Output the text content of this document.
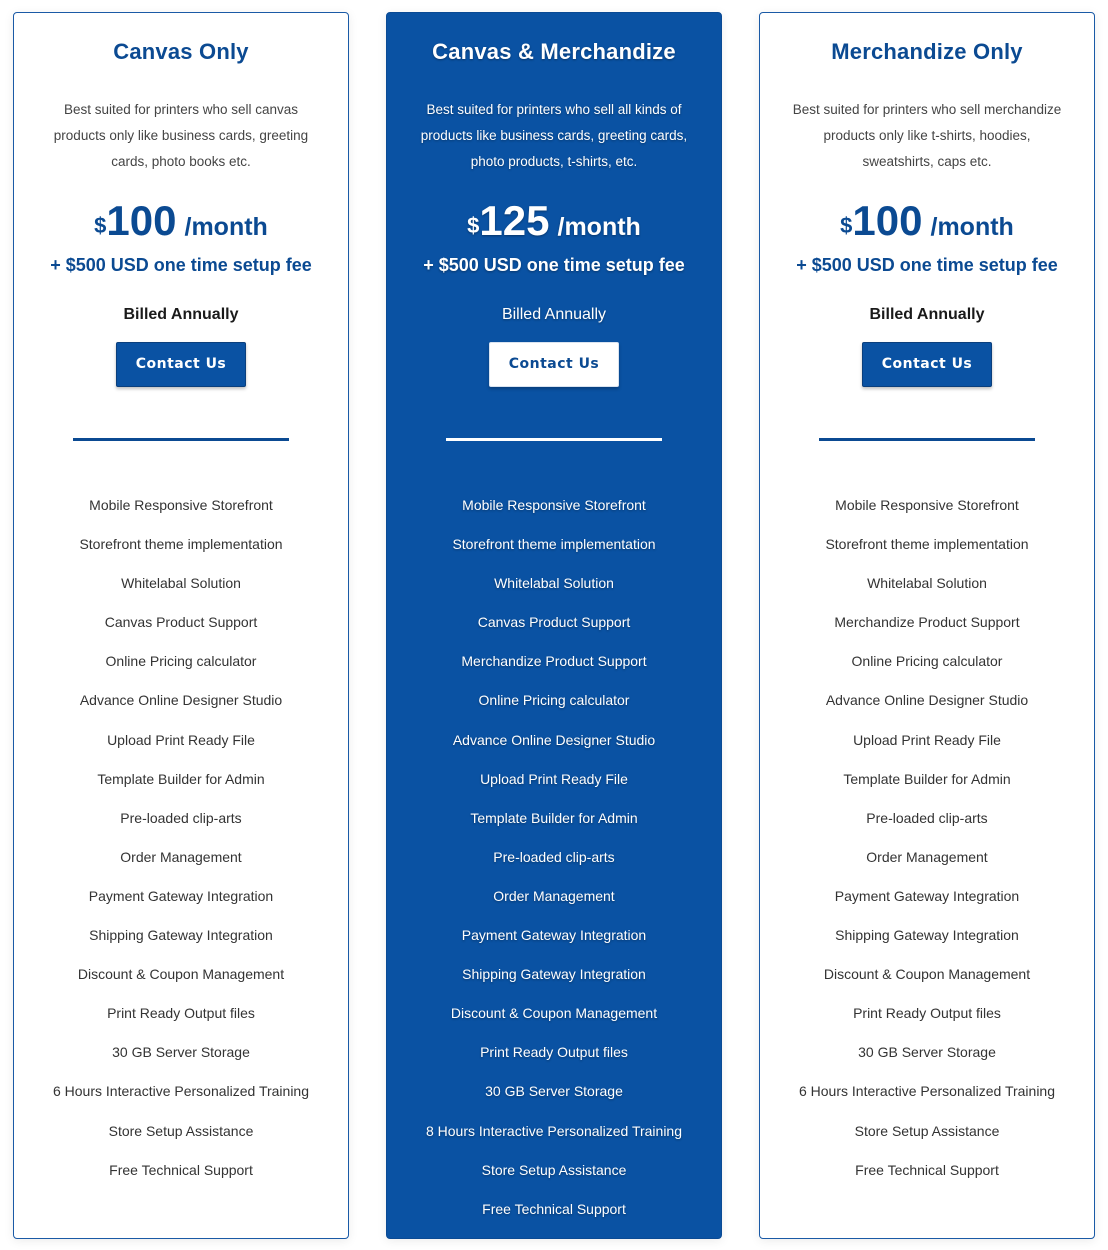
Canvas Only
Best suited for printers who sell canvas products only like business cards, greeting cards, photo books etc.
$100 /month
+ $500 USD one time setup fee
Billed Annually
Contact Us
Mobile Responsive Storefront
Storefront theme implementation
Whitelabal Solution
Canvas Product Support
Online Pricing calculator
Advance Online Designer Studio
Upload Print Ready File
Template Builder for Admin
Pre-loaded clip-arts
Order Management
Payment Gateway Integration
Shipping Gateway Integration
Discount & Coupon Management
Print Ready Output files
30 GB Server Storage
6 Hours Interactive Personalized Training
Store Setup Assistance
Free Technical Support
Canvas & Merchandize
Best suited for printers who sell all kinds of products like business cards, greeting cards, photo products, t-shirts, etc.
$125 /month
+ $500 USD one time setup fee
Billed Annually
Contact Us
Mobile Responsive Storefront
Storefront theme implementation
Whitelabal Solution
Canvas Product Support
Merchandize Product Support
Online Pricing calculator
Advance Online Designer Studio
Upload Print Ready File
Template Builder for Admin
Pre-loaded clip-arts
Order Management
Payment Gateway Integration
Shipping Gateway Integration
Discount & Coupon Management
Print Ready Output files
30 GB Server Storage
8 Hours Interactive Personalized Training
Store Setup Assistance
Free Technical Support
Merchandize Only
Best suited for printers who sell merchandize products only like t-shirts, hoodies, sweatshirts, caps etc.
$100 /month
+ $500 USD one time setup fee
Billed Annually
Contact Us
Mobile Responsive Storefront
Storefront theme implementation
Whitelabal Solution
Merchandize Product Support
Online Pricing calculator
Advance Online Designer Studio
Upload Print Ready File
Template Builder for Admin
Pre-loaded clip-arts
Order Management
Payment Gateway Integration
Shipping Gateway Integration
Discount & Coupon Management
Print Ready Output files
30 GB Server Storage
6 Hours Interactive Personalized Training
Store Setup Assistance
Free Technical Support
